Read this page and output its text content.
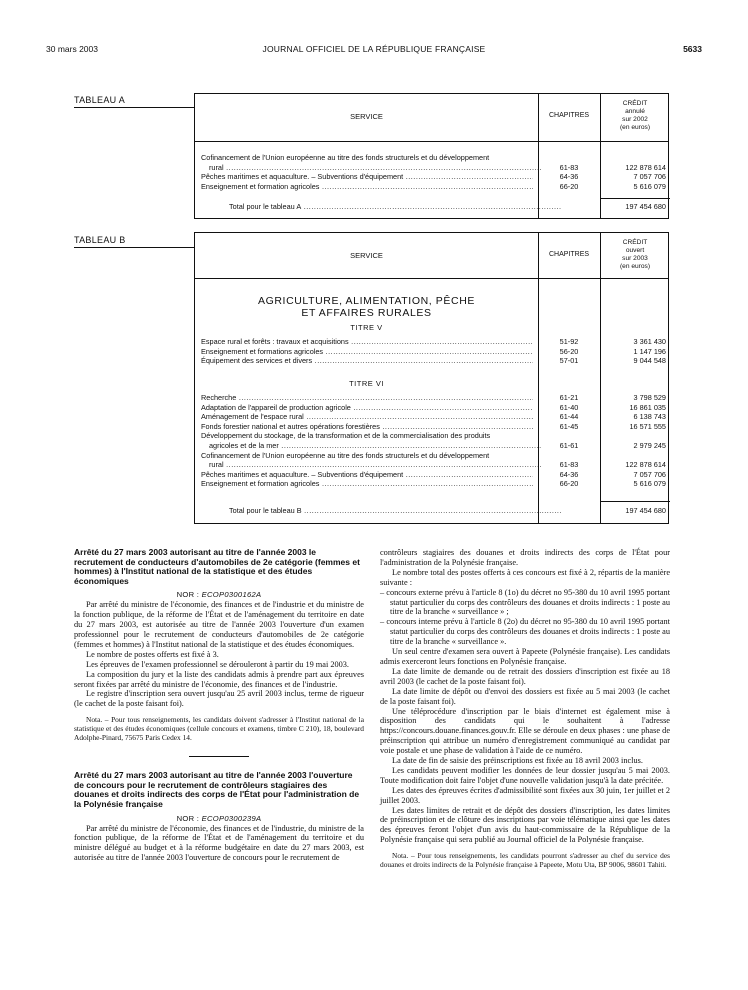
30 mars 2003	JOURNAL OFFICIEL DE LA RÉPUBLIQUE FRANÇAISE	5633
TABLEAU A
SERVICE	CHAPITRES
CRÉDIT
annulé
sur 2002
(en euros)
Cofinancement de l'Union européenne au titre des fonds structurels et du développement
rural .....	61-83	122 878 614
Pêches maritimes et aquaculture. – Subventions d'équipement .....	64-36	7 057 706
Enseignement et formation agricoles .....	66-20	5 616 079
Total pour le tableau A .....	197 454 680
TABLEAU B
SERVICE	CHAPITRES
CRÉDIT
ouvert
sur 2003
(en euros)
AGRICULTURE, ALIMENTATION, PÊCHE
ET AFFAIRES RURALES
TITRE V
Espace rural et forêts : travaux et acquisitions .....	51-92	3 361 430
Enseignement et formations agricoles .....	56-20	1 147 196
Équipement des services et divers .....	57-01	9 044 548
TITRE VI
Recherche .....	61-21	3 798 529
Adaptation de l'appareil de production agricole .....	61-40	16 861 035
Aménagement de l'espace rural .....	61-44	6 138 743
Fonds forestier national et autres opérations forestières .....	61-45	16 571 555
Développement du stockage, de la transformation et de la commercialisation des produits
agricoles et de la mer .....	61-61	2 979 245
Cofinancement de l'Union européenne au titre des fonds structurels et du développement
rural .....	61-83	122 878 614
Pêches maritimes et aquaculture. – Subventions d'équipement .....	64-36	7 057 706
Enseignement et formation agricoles .....	66-20	5 616 079
Total pour le tableau B .....	197 454 680

Arrêté du 27 mars 2003 autorisant au titre de l'année 2003 le recrutement de conducteurs d'automobiles de 2e catégorie (femmes et hommes) à l'Institut national de la statistique et des études économiques

NOR : ECOP0300162A

Par arrêté du ministre de l'économie, des finances et de l'industrie et du ministre de la fonction publique, de la réforme de l'État et de l'aménagement du territoire en date du 27 mars 2003, est autorisée au titre de l'année 2003 l'ouverture d'un examen professionnel pour le recrutement de conducteurs d'automobiles de 2e catégorie (femmes et hommes) à l'Institut national de la statistique et des études économiques.

Le nombre de postes offerts est fixé à 3.

Les épreuves de l'examen professionnel se dérouleront à partir du 19 mai 2003.

La composition du jury et la liste des candidats admis à prendre part aux épreuves seront fixées par arrêté du ministre de l'économie, des finances et de l'industrie.

Le registre d'inscription sera ouvert jusqu'au 25 avril 2003 inclus, terme de rigueur (le cachet de la poste faisant foi).

Nota. – Pour tous renseignements, les candidats doivent s'adresser à l'Institut national de la statistique et des études économiques (cellule concours et examens, timbre C 210), 18, boulevard Adolphe-Pinard, 75675 Paris Cedex 14.

Arrêté du 27 mars 2003 autorisant au titre de l'année 2003 l'ouverture de concours pour le recrutement de contrôleurs stagiaires des douanes et droits indirects des corps de l'État pour l'administration de la Polynésie française

NOR : ECOP0300239A

Par arrêté du ministre de l'économie, des finances et de l'industrie, du ministre de la fonction publique, de la réforme de l'État et de l'aménagement du territoire et du ministre délégué au budget et à la réforme budgétaire en date du 27 mars 2003, est autorisée au titre de l'année 2003 l'ouverture de concours pour le recrutement de

contrôleurs stagiaires des douanes et droits indirects des corps de l'État pour l'administration de la Polynésie française.

Le nombre total des postes offerts à ces concours est fixé à 2, répartis de la manière suivante :

– concours externe prévu à l'article 8 (1o) du décret no 95-380 du 10 avril 1995 portant statut particulier du corps des contrôleurs des douanes et droits indirects : 1 poste au titre de la branche « surveillance » ;

– concours interne prévu à l'article 8 (2o) du décret no 95-380 du 10 avril 1995 portant statut particulier du corps des contrôleurs des douanes et droits indirects : 1 poste au titre de la branche « surveillance ».

Un seul centre d'examen sera ouvert à Papeete (Polynésie française). Les candidats admis exerceront leurs fonctions en Polynésie française.

La date limite de demande ou de retrait des dossiers d'inscription est fixée au 18 avril 2003 (le cachet de la poste faisant foi).

La date limite de dépôt ou d'envoi des dossiers est fixée au 5 mai 2003 (le cachet de la poste faisant foi).

Une téléprocédure d'inscription par le biais d'internet est également mise à disposition des candidats qui le souhaitent à l'adresse https://concours.douane.finances.gouv.fr. Elle se déroule en deux phases : une phase de préinscription qui attribue un numéro d'enregistrement communiqué au candidat par voie postale et une phase de validation à l'aide de ce numéro.

La date de fin de saisie des préinscriptions est fixée au 18 avril 2003 inclus.

Les candidats peuvent modifier les données de leur dossier jusqu'au 5 mai 2003. Toute modification doit faire l'objet d'une nouvelle validation jusqu'à la date précitée.

Les dates des épreuves écrites d'admissibilité sont fixées aux 30 juin, 1er juillet et 2 juillet 2003.

Les dates limites de retrait et de dépôt des dossiers d'inscription, les dates limites de préinscription et de clôture des inscriptions par voie télématique ainsi que les dates des épreuves feront l'objet d'un avis du haut-commissaire de la République de la Polynésie française qui sera publié au Journal officiel de la Polynésie française.

Nota. – Pour tous renseignements, les candidats pourront s'adresser au chef du service des douanes et droits indirects de la Polynésie française à Papeete, Motu Uta, BP 9006, 98601 Tahiti.
